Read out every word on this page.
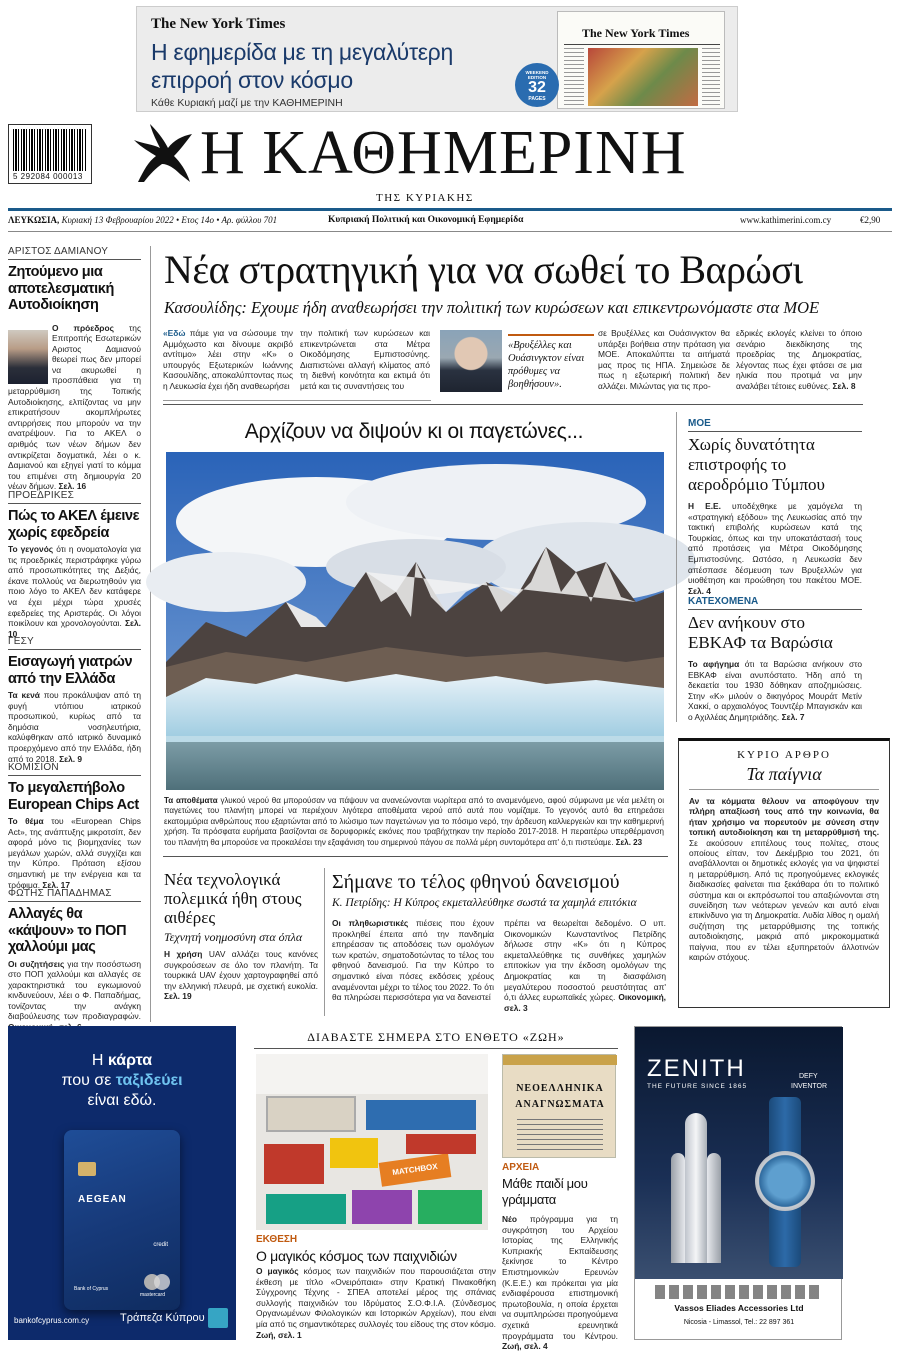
The New York Times
Η εφημερίδα με τη μεγαλύτερη
επιρροή στον κόσμο
Κάθε Κυριακή μαζί με την ΚΑΘΗΜΕΡΙΝΗ
The New York Times
WEEKEND EDITION
32
PAGES
5 292084 000013 Η ΚΑΘΗΜΕΡΙΝΗ
ΤΗΣ ΚΥΡΙΑΚΗΣ
ΛΕΥΚΩΣΙΑ, Κυριακή 13 Φεβρουαρίου 2022 • Ετος 14ο • Αρ. φύλλου 701	Κυπριακή Πολιτική και Οικονομική Εφημερίδα	www.kathimerini.com.cy	€2,90
ΑΡΙΣΤΟΣ ΔΑΜΙΑΝΟΥ
Ζητούμενο μια αποτελεσματική Αυτοδιοίκηση
Ο πρόεδρος της Επιτροπής Εσωτερικών Αριστος Δαμιανού θεωρεί πως δεν μπορεί να ακυρωθεί η προσπάθεια για τη μεταρρύθμιση της Τοπικής Αυτοδιοίκησης, ελπίζοντας να μην επικρατήσουν ακομπλήρωτες αντιρρήσεις που μπορούν να την ανατρέψουν. Για το ΑΚΕΛ ο αριθμός των νέων δήμων δεν αντικρίζεται δογματικά, λέει ο κ. Δαμιανού και εξηγεί γιατί το κόμμα του επιμένει στη δημιουργία 20 νέων δήμων. Σελ. 16
ΠΡΟΕΔΡΙΚΕΣ
Πώς το ΑΚΕΛ έμεινε χωρίς εφεδρεία
Το γεγονός ότι η ονοματολογία για τις προεδρικές περιστράφηκε γύρω από προσωπικότητες της Δεξιάς, έκανε πολλούς να διερωτηθούν για ποιο λόγο το ΑΚΕΛ δεν κατάφερε να έχει μέχρι τώρα χρυσές εφεδρείες της Αριστεράς. Οι λόγοι ποικίλουν και χρονολογούνται. Σελ. 10
ΓΕΣΥ
Εισαγωγή γιατρών από την Ελλάδα
Τα κενά που προκάλυψαν από τη φυγή ντόπιου ιατρικού προσωπικού, κυρίως από τα δημόσια νοσηλευτήρια, καλύφθηκαν από ιατρικό δυναμικό προερχόμενο από την Ελλάδα, ήδη από το 2018. Σελ. 9
ΚΟΜΙΣΙΟΝ
Το μεγαλεπήβολο European Chips Act
Το θέμα του «European Chips Act», της ανάπτυξης μικροτσίπ, δεν αφορά μόνο τις βιομηχανίες των μεγάλων χωρών, αλλά συγχίζει και την Κύπρο. Πρόταση εξίσου σημαντική με την ενέργεια και τα τρόφιμα. Σελ. 17
ΦΩΤΗΣ ΠΑΠΑΔΗΜΑΣ
Αλλαγές θα «κάψουν» το ΠΟΠ χαλλούμι μας
Οι συζητήσεις για την ποσόστωση στο ΠΟΠ χαλλούμι και αλλαγές σε χαρακτηριστικά του εγκωμιονού κινδυνεύουν, λέει ο Φ. Παπαδήμας, τονίζοντας την ανάγκη διαβούλευσης των προδιαγραφών.
Νέα στρατηγική για να σωθεί το Βαρώσι
Κασουλίδης: Εχουμε ήδη αναθεωρήσει την πολιτική των κυρώσεων και επικεντρωνόμαστε στα ΜΟΕ
«Εδώ πάμε για να σώσουμε την Αμμόχωστο και δίνουμε ακριβό αντίτιμο» λέει στην «Κ» ο υπουργός Εξωτερικών Ιωάννης Κασουλίδης, αποκαλύπτοντας πως η Λευκωσία έχει ήδη αναθεωρήσει
την πολιτική των κυρώσεων και επικεντρώνεται στα Μέτρα Οικοδόμησης Εμπιστοσύνης. Διαπιστώνει αλλαγή κλίματος από τη διεθνή κοινότητα και εκτιμά ότι μετά και τις συναντήσεις του
«Βρυξέλλες και Ουάσινγκτον είναι πρόθυμες να βοηθήσουν».
σε Βρυξέλλες και Ουάσινγκτον θα υπάρξει βοήθεια στην πρόταση για ΜΟΕ. Αποκαλύπτει τα αιτήματά μας προς τις ΗΠΑ. Σημειώσε δε πως η εξωτερική πολιτική δεν αλλάζει. Μιλώντας για τις προ-
εδρικές εκλογές κλείνει το όποιο σενάριο διεκδίκησης της προεδρίας της Δημοκρατίας, λέγοντας πως έχει φτάσει σε μια ηλικία που προτιμά να μην αναλάβει τέτοιες ευθύνες. Σελ. 8
Αρχίζουν να διψούν κι οι παγετώνες...
Τα αποθέματα γλυκού νερού θα μπορούσαν να πάψουν να ανανεώνονται νωρίτερα από το αναμενόμενο, αφού σύμφωνα με νέα μελέτη οι παγετώνες του πλανήτη μπορεί να περιέχουν λιγότερα αποθέματα νερού από αυτά που νομίζαμε. Το γεγονός αυτό θα επηρεάσει εκατομμύρια ανθρώπους που εξαρτώνται από το λιώσιμο των παγετώνων για το πόσιμο νερό, την άρδευση καλλιεργειών και την καθημερινή χρήση. Τα πρόσφατα ευρήματα βασίζονται σε δορυφορικές εικόνες που τραβήχτηκαν την περίοδο 2017-2018. Η περαιτέρω υπερθέρμανση του πλανήτη θα μπορούσε να προκαλέσει την εξαφάνιση του σημερινού πάγου σε πολλά μέρη συντομότερα απ' ό,τι πιστεύαμε. Σελ. 23
ΜΟΕ
Χωρίς δυνατότητα επιστροφής το αεροδρόμιο Τύμπου
Η Ε.Ε. υποδέχθηκε με χαμόγελα τη «στρατηγική εξόδου» της Λευκωσίας από την τακτική επιβολής κυρώσεων κατά της Τουρκίας, όπως και την υποκατάστασή τους από προτάσεις για Μέτρα Οικοδόμησης Εμπιστοσύνης. Ωστόσο, η Λευκωσία δεν απέσπασε δέσμευση των Βρυξελλών για υιοθέτηση και προώθηση του πακέτου ΜΟΕ. Σελ. 4
ΚΑΤΕΧΟΜΕΝΑ
Δεν ανήκουν στο ΕΒΚΑΦ τα Βαρώσια
Το αφήγημα ότι τα Βαρώσια ανήκουν στο ΕΒΚΑΦ είναι ανυπόστατο. Ήδη από τη δεκαετία του 1930 δόθηκαν αποζημιώσεις. Στην «Κ» μιλούν ο δικηγόρος Μουράτ Μετίν Χακκί, ο αρχαιολόγος Τουντζέρ Μπαγισκάν και ο Αχιλλέας Δημητριάδης. Σελ. 7
ΚΥΡΙΟ ΑΡΘΡΟ
Τα παίγνια
Αν τα κόμματα θέλουν να αποφύγουν την πλήρη απαξίωσή τους από την κοινωνία, θα ήταν χρήσιμο να πορευτούν με σύνεση στην τοπική αυτοδιοίκηση και τη μεταρρύθμισή της. Σε ακούσουν επιτέλους τους πολίτες, στους οποίους είπαν, τον Δεκέμβριο του 2021, ότι αναβάλλονται οι δημοτικές εκλογές για να ψηφιστεί η μεταρρύθμιση. Από τις προηγούμενες εκλογικές διαδικασίες φαίνεται πια ξεκάθαρα ότι το πολιτικό σύστημα και οι εκπρόσωποί του απαξιώνονται στη συνείδηση των νεότερων γενεών και αυτό είναι επικίνδυνο για τη Δημοκρατία. Λυδία λίθος η ομαλή συζήτηση της μεταρρύθμισης της τοπικής αυτοδιοίκησης, μακριά από μικροκομματικά παίγνια, που εν τέλει εξυπηρετούν άλλοτινών καιρών στόχους.
Νέα τεχνολογικά πολεμικά ήθη στους αιθέρες
Τεχνητή νοημοσύνη στα όπλα
Η χρήση UAV αλλάζει τους κανόνες συγκρούσεων σε όλο τον πλανήτη. Τα τουρκικά UAV έχουν χαρτογραφηθεί από την ελληνική πλευρά, με σχετική ευκολία. Σελ. 19
Σήμανε το τέλος φθηνού δανεισμού
Κ. Πετρίδης: Η Κύπρος εκμεταλλεύθηκε σωστά τα χαμηλά επιτόκια
Οι πληθωριστικές πιέσεις που έχουν προκληθεί έπειτα από την πανδημία επηρέασαν τις αποδόσεις των ομολόγων των κρατών, σηματοδοτώντας το τέλος του φθηνού δανεισμού. Για την Κύπρο το σημαντικό είναι πόσες εκδόσεις χρέους αναμένονται μέχρι το τέλος του 2022. Το ότι θα πληρώσει περισσότερα για να δανειστεί
πρέπει να θεωρείται δεδομένο. Ο υπ. Οικονομικών Κωνσταντίνος Πετρίδης δήλωσε στην «Κ» ότι η Κύπρος εκμεταλλεύθηκε τις συνθήκες χαμηλών επιτοκίων για την έκδοση ομολόγων της Δημοκρατίας και τη διασφάλιση μεγαλύτερου ποσοστού ρευστότητας απ' ό,τι άλλες ευρωπαϊκές χώρες. Οικονομική, σελ. 3
Η κάρτα
που σε ταξιδεύει
είναι εδώ.
AEGEAN
credit
Bank of Cyprus
mastercard
bankofcyprus.com.cy	Τράπεζα Κύπρου
ΔΙΑΒΑΣΤΕ ΣΗΜΕΡΑ ΣΤΟ ΕΝΘΕΤΟ «ΖΩΗ»
MATCHBOX
ΕΚΘΕΣΗ
Ο μαγικός κόσμος των παιχνιδιών
Ο μαγικός κόσμος των παιχνιδιών που παρουσιάζεται στην έκθεση με τίτλο «Ονειρόπαια» στην Κρατική Πινακοθήκη Σύγχρονης Τέχνης - ΣΠΕΑ αποτελεί μέρος της σπάνιας συλλογής παιχνιδιών του Ιδρύματος Σ.Ο.Φ.Ι.Α. (Σύνδεσμος Οργανωμένων Φιλολογικών και Ιστορικών Αρχείων), που είναι μία από τις σημαντικότερες συλλογές του είδους της στον κόσμο. Ζωή, σελ. 1
ΝΕΟΕΛΛΗΝΙΚΑ
ΑΝΑΓΝΩΣΜΑΤΑ
ΑΡΧΕΙΑ
Μάθε παιδί μου γράμματα
Νέο πρόγραμμα για τη συγκρότηση του Αρχείου Ιστορίας της Ελληνικής Κυπριακής Εκπαίδευσης ξεκίνησε το Κέντρο Επιστημονικών Ερευνών (Κ.Ε.Ε.) και πρόκειται για μία ενδιαφέρουσα επιστημονική πρωτοβουλία, η οποία έρχεται να συμπληρώσει προηγούμενα σχετικά ερευνητικά προγράμματα του Κέντρου. Ζωή, σελ. 4
ZENITH
THE FUTURE SINCE 1865
DEFY
INVENTOR
Vassos Eliades Accessories Ltd
Nicosia - Limassol, Tel.: 22 897 361
